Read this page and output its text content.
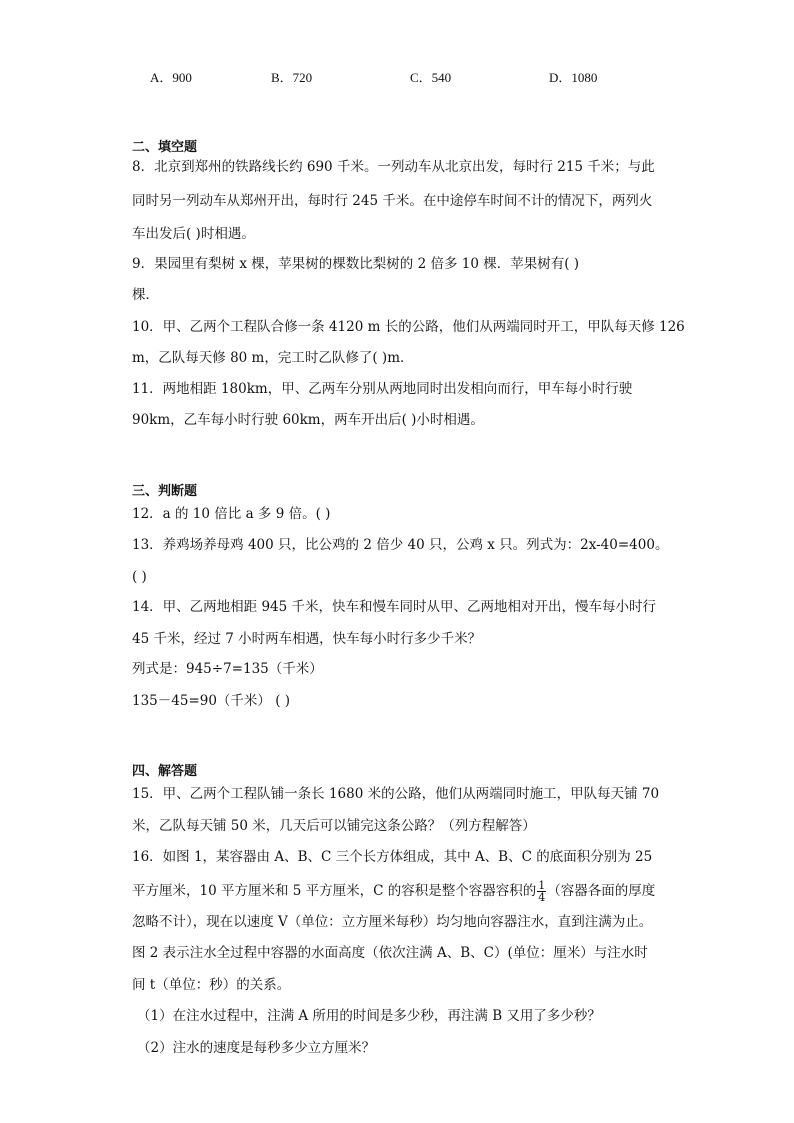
A．900	B．720	C．540	D．1080
二、填空题
8．北京到郑州的铁路线长约 690 千米。一列动车从北京出发，每时行 215 千米；与此
同时另一列动车从郑州开出，每时行 245 千米。在中途停车时间不计的情况下，两列火
车出发后( )时相遇。
9．果园里有梨树 x 棵，苹果树的棵数比梨树的 2 倍多 10 棵．苹果树有( )
棵．
10．甲、乙两个工程队合修一条 4120 m 长的公路，他们从两端同时开工，甲队每天修 126
m，乙队每天修 80 m，完工时乙队修了( )m．
11．两地相距 180km，甲、乙两车分别从两地同时出发相向而行，甲车每小时行驶
90km，乙车每小时行驶 60km，两车开出后( )小时相遇。
三、判断题
12．a 的 10 倍比 a 多 9 倍。( )
13．养鸡场养母鸡 400 只，比公鸡的 2 倍少 40 只，公鸡 x 只。列式为：2x-40=400。
( )
14．甲、乙两地相距 945 千米，快车和慢车同时从甲、乙两地相对开出，慢车每小时行
45 千米，经过 7 小时两车相遇，快车每小时行多少千米？
列式是：945÷7=135（千米）
135－45=90（千米） ( )
四、解答题
15．甲、乙两个工程队铺一条长 1680 米的公路，他们从两端同时施工，甲队每天铺 70
米，乙队每天铺 50 米，几天后可以铺完这条公路？（列方程解答）
16．如图 1，某容器由 A、B、C 三个长方体组成，其中 A、B、C 的底面积分别为 25
平方厘米，10 平方厘米和 5 平方厘米，C 的容积是整个容器容积的 $\frac{1}{4}$ （容器各面的厚度
忽略不计），现在以速度 V（单位：立方厘米每秒）均匀地向容器注水，直到注满为止。
图 2 表示注水全过程中容器的水面高度（依次注满 A、B、C）(单位：厘米）与注水时
间 t（单位：秒）的关系。
（1）在注水过程中，注满 A 所用的时间是多少秒，再注满 B 又用了多少秒？
（2）注水的速度是每秒多少立方厘米？
